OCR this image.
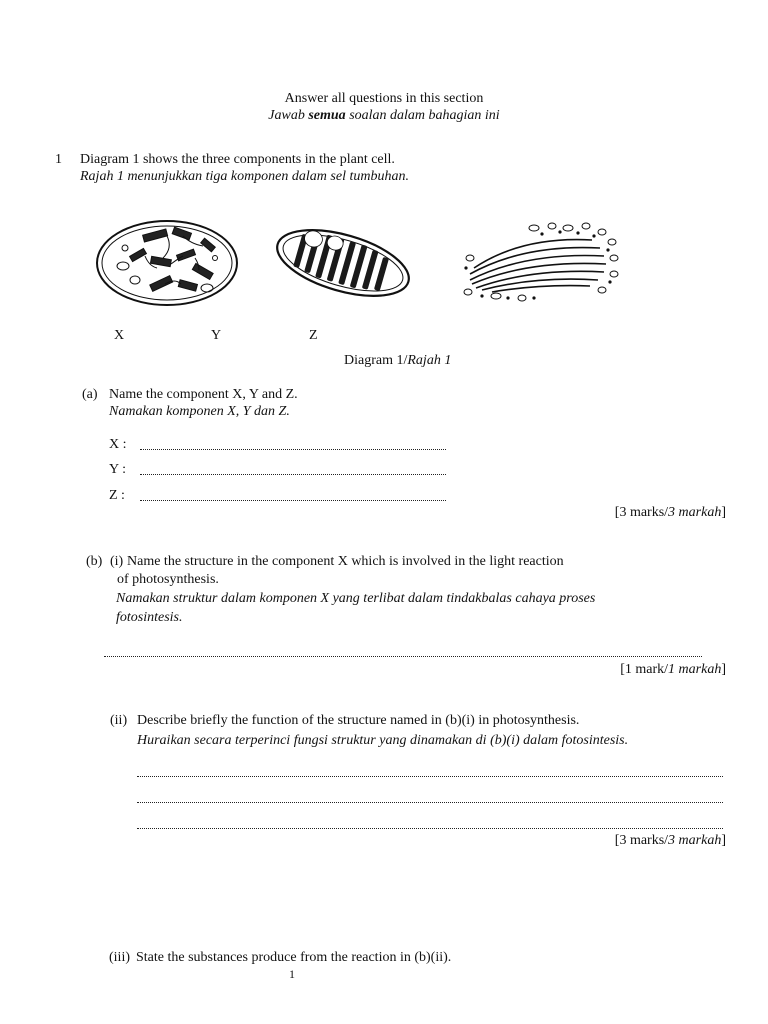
Answer all questions in this section
Jawab semua soalan dalam bahagian ini
1 Diagram 1 shows the three components in the plant cell.
Rajah 1 menunjukkan tiga komponen dalam sel tumbuhan.
X	Y	Z
Diagram 1/Rajah 1
(a) Name the component X, Y and Z.
Namakan komponen X, Y dan Z.
X :
Y :
Z :
[3 marks/3 markah]
(b) (i) Name the structure in the component X which is involved in the light reaction
of photosynthesis.
Namakan struktur dalam komponen X yang terlibat dalam tindakbalas cahaya proses
fotosintesis.
[1 mark/1 markah]
(ii) Describe briefly the function of the structure named in (b)(i) in photosynthesis.
Huraikan secara terperinci fungsi struktur yang dinamakan di (b)(i) dalam fotosintesis.
[3 marks/3 markah]
(iii) State the substances produce from the reaction in (b)(ii).
1
